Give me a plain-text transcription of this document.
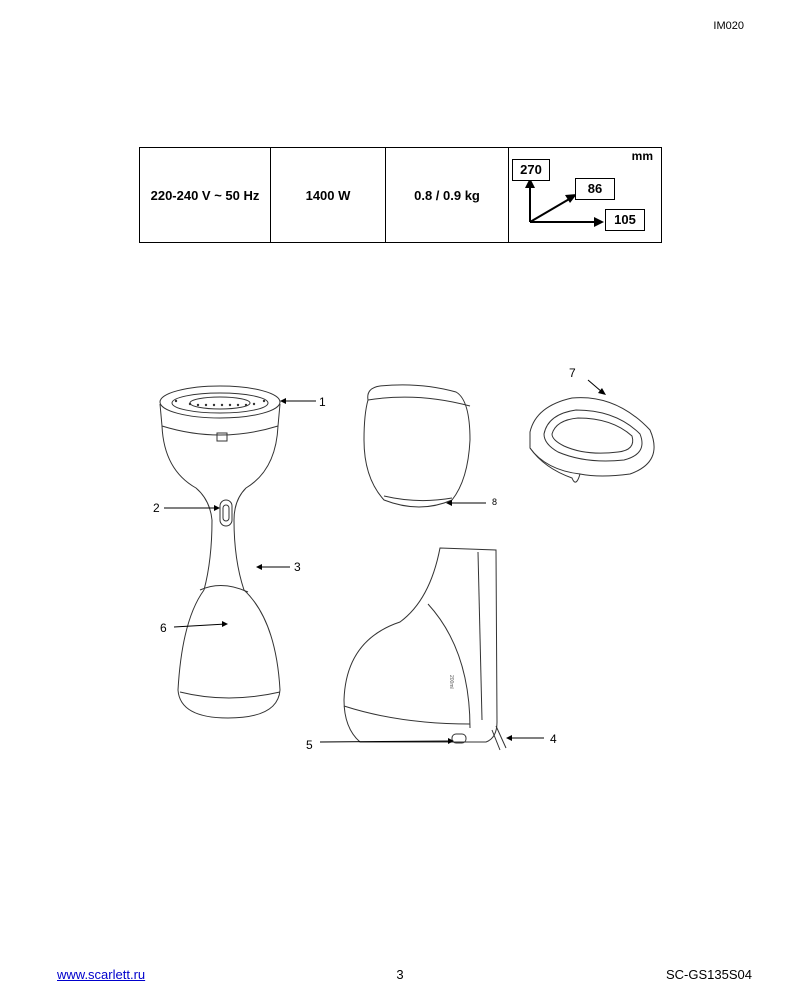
IM020
220-240 V ~ 50 Hz	1400 W	0.8 / 0.9 kg	
mm
270
86
105
200ml
1
2
3
4
5
6
7
8
www.scarlett.ru	3	SC-GS135S04
